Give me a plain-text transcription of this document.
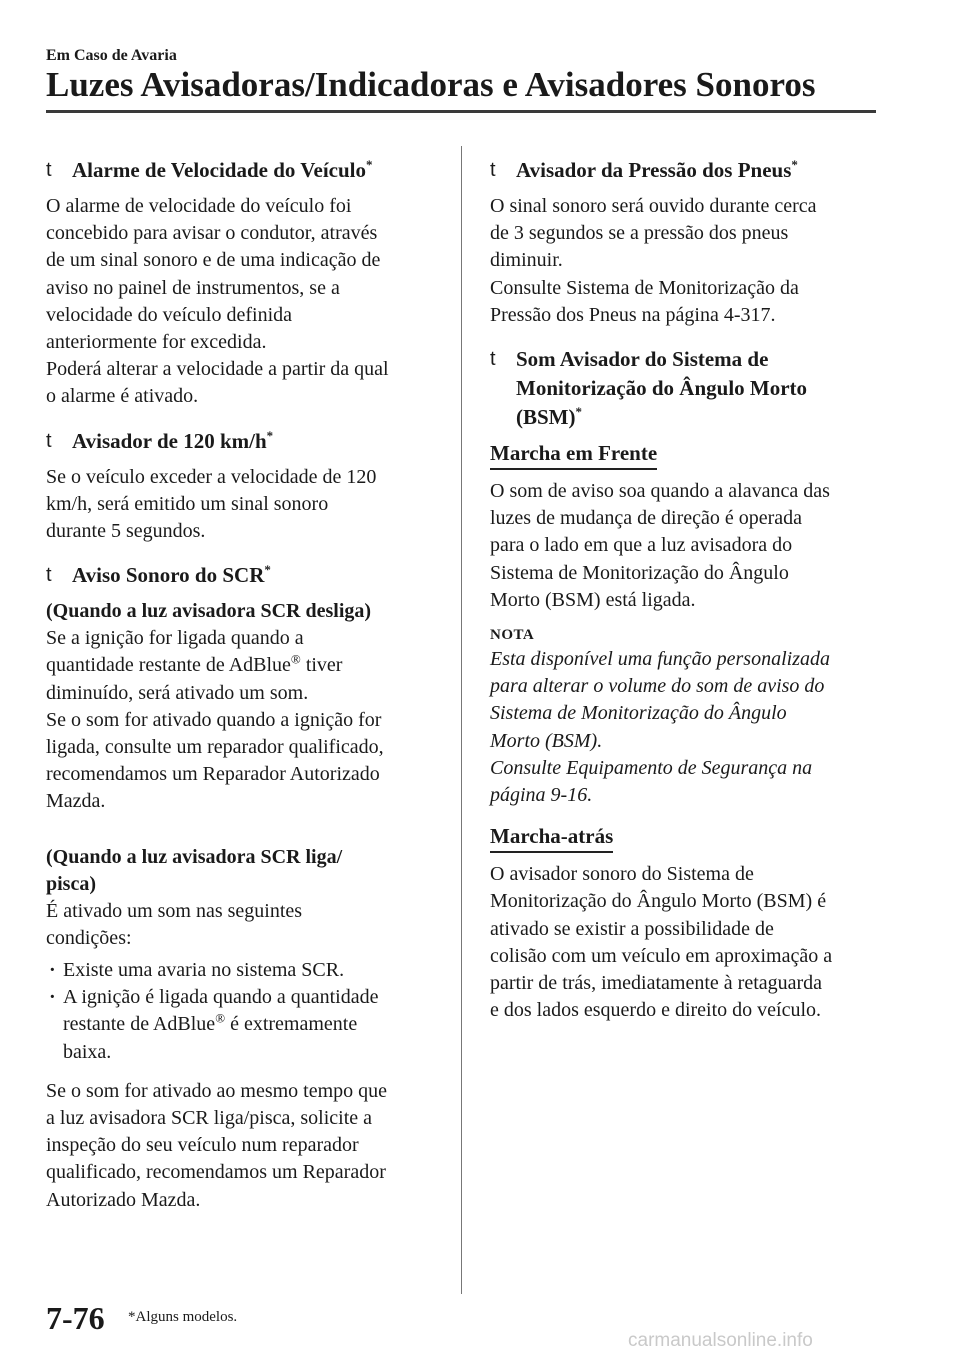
Em Caso de Avaria
Luzes Avisadoras/Indicadoras e Avisadores Sonoros
t Alarme de Velocidade do Veículo*

O alarme de velocidade do veículo foi
concebido para avisar o condutor, através
de um sinal sonoro e de uma indicação de
aviso no painel de instrumentos, se a
velocidade do veículo definida
anteriormente for excedida.
Poderá alterar a velocidade a partir da qual
o alarme é ativado.

t Avisador de 120 km/h*

Se o veículo exceder a velocidade de 120
km/h, será emitido um sinal sonoro
durante 5 segundos.

t Aviso Sonoro do SCR*
(Quando a luz avisadora SCR desliga)

Se a ignição for ligada quando a
quantidade restante de AdBlue® tiver
diminuído, será ativado um som.
Se o som for ativado quando a ignição for
ligada, consulte um reparador qualificado,
recomendamos um Reparador Autorizado
Mazda.

(Quando a luz avisadora SCR liga/
pisca)

É ativado um som nas seguintes
condições:

· Existe uma avaria no sistema SCR.
· A ignição é ligada quando a quantidade
restante de AdBlue® é extremamente
baixa.

Se o som for ativado ao mesmo tempo que
a luz avisadora SCR liga/pisca, solicite a
inspeção do seu veículo num reparador
qualificado, recomendamos um Reparador
Autorizado Mazda.

t Avisador da Pressão dos Pneus*

O sinal sonoro será ouvido durante cerca
de 3 segundos se a pressão dos pneus
diminuir.
Consulte Sistema de Monitorização da
Pressão dos Pneus na página 4-317.

t Som Avisador do Sistema de
Monitorização do Ângulo Morto
(BSM)*
Marcha em Frente

O som de aviso soa quando a alavanca das
luzes de mudança de direção é operada
para o lado em que a luz avisadora do
Sistema de Monitorização do Ângulo
Morto (BSM) está ligada.

NOTA

Esta disponível uma função personalizada
para alterar o volume do som de aviso do
Sistema de Monitorização do Ângulo
Morto (BSM).
Consulte Equipamento de Segurança na
página 9-16.

Marcha-atrás

O avisador sonoro do Sistema de
Monitorização do Ângulo Morto (BSM) é
ativado se existir a possibilidade de
colisão com um veículo em aproximação a
partir de trás, imediatamente à retaguarda
e dos lados esquerdo e direito do veículo.

7-76 *Alguns modelos.
carmanualsonline.info
